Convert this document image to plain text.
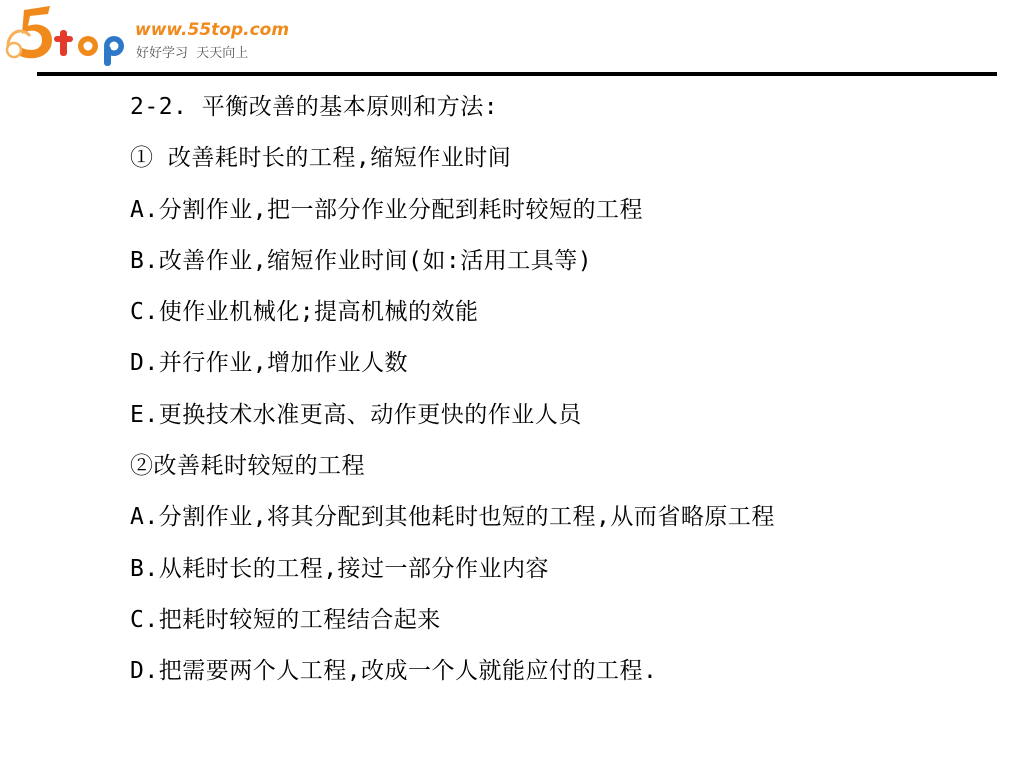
www.55top.com
好好学习  天天向上
2-2. 平衡改善的基本原则和方法:
① 改善耗时长的工程,缩短作业时间
A.分割作业,把一部分作业分配到耗时较短的工程
B.改善作业,缩短作业时间(如:活用工具等)
C.使作业机械化;提高机械的效能
D.并行作业,增加作业人数
E.更换技术水准更高、动作更快的作业人员
②改善耗时较短的工程
A.分割作业,将其分配到其他耗时也短的工程,从而省略原工程
B.从耗时长的工程,接过一部分作业内容
C.把耗时较短的工程结合起来
D.把需要两个人工程,改成一个人就能应付的工程.
